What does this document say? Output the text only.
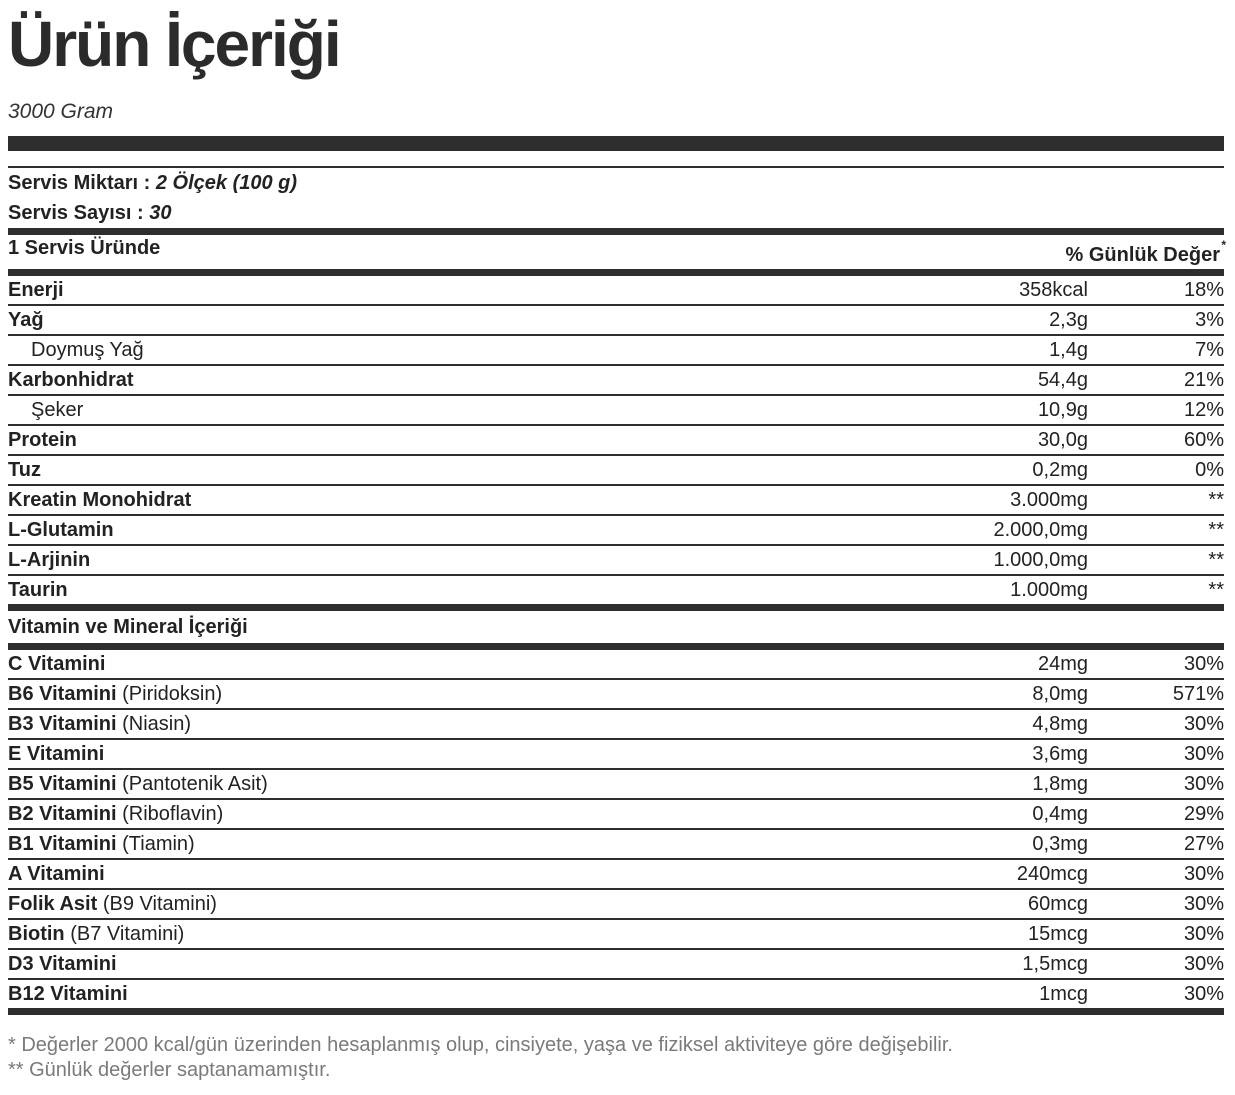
Ürün İçeriği
3000 Gram
Servis Miktarı : 2 Ölçek (100 g)
Servis Sayısı : 30
1 Servis Üründe	% Günlük Değer *
Enerji	358kcal	18%
Yağ	2,3g	3%
Doymuş Yağ	1,4g	7%
Karbonhidrat	54,4g	21%
Şeker	10,9g	12%
Protein	30,0g	60%
Tuz	0,2mg	0%
Kreatin Monohidrat	3.000mg	**
L-Glutamin	2.000,0mg	**
L-Arjinin	1.000,0mg	**
Taurin	1.000mg	**
Vitamin ve Mineral İçeriği
C Vitamini	24mg	30%
B6 Vitamini (Piridoksin)	8,0mg	571%
B3 Vitamini (Niasin)	4,8mg	30%
E Vitamini	3,6mg	30%
B5 Vitamini (Pantotenik Asit)	1,8mg	30%
B2 Vitamini (Riboflavin)	0,4mg	29%
B1 Vitamini (Tiamin)	0,3mg	27%
A Vitamini	240mcg	30%
Folik Asit (B9 Vitamini)	60mcg	30%
Biotin (B7 Vitamini)	15mcg	30%
D3 Vitamini	1,5mcg	30%
B12 Vitamini	1mcg	30%
* Değerler 2000 kcal/gün üzerinden hesaplanmış olup, cinsiyete, yaşa ve fiziksel aktiviteye göre değişebilir.
** Günlük değerler saptanamamıştır.
